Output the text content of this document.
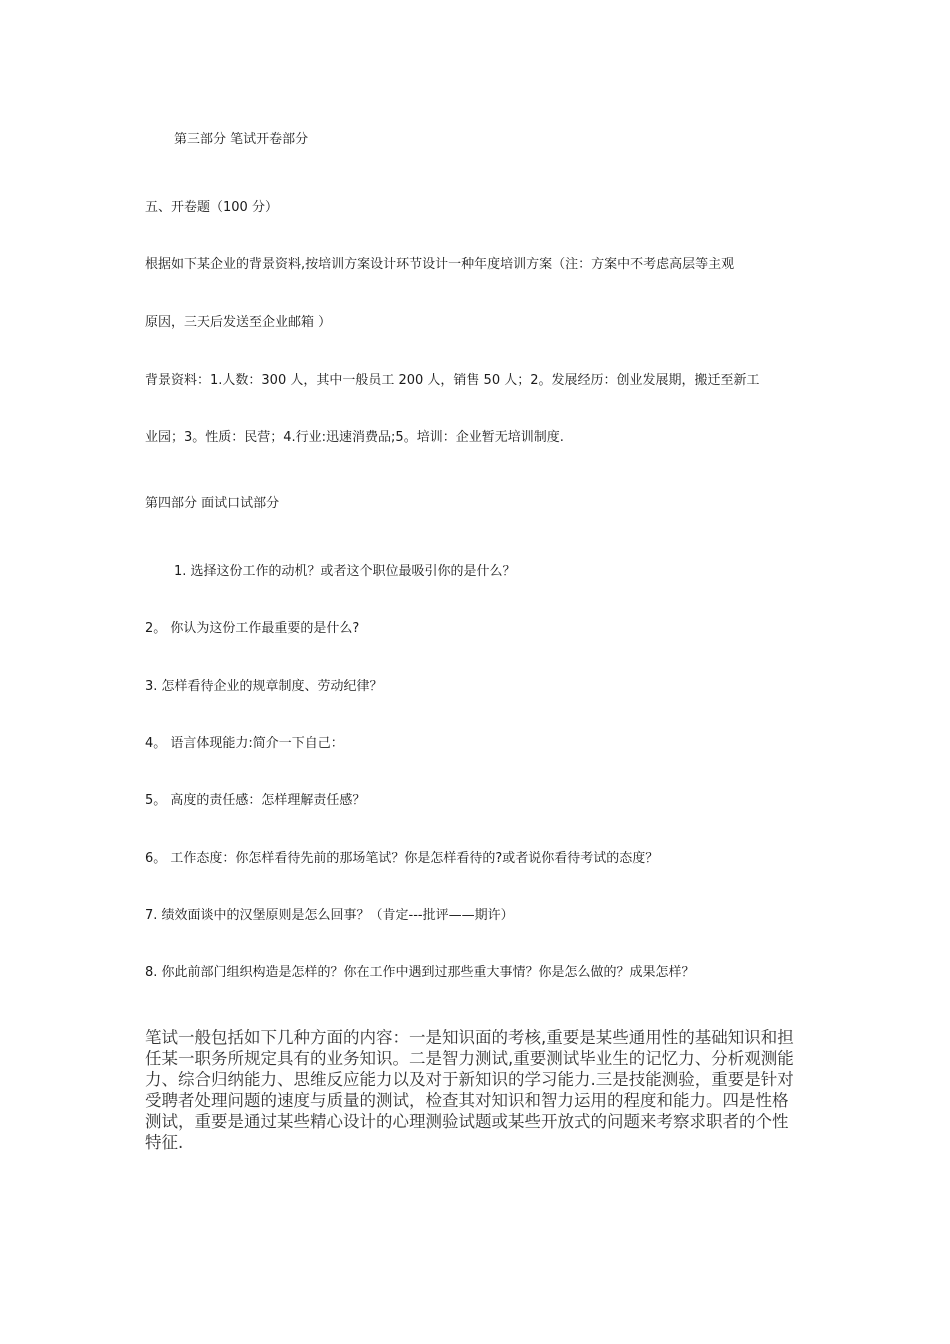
第三部分 笔试开卷部分
五、开卷题（100 分）
根据如下某企业的背景资料,按培训方案设计环节设计一种年度培训方案（注：方案中不考虑高层等主观
原因，三天后发送至企业邮箱 ）
背景资料：1.人数：300 人，其中一般员工 200 人，销售 50 人；2。发展经历：创业发展期，搬迁至新工
业园；3。性质：民营；4.行业:迅速消费品;5。培训：企业暂无培训制度.
第四部分 面试口试部分
1. 选择这份工作的动机？或者这个职位最吸引你的是什么？
2。 你认为这份工作最重要的是什么?
3. 怎样看待企业的规章制度、劳动纪律？
4。 语言体现能力:简介一下自己：
5。 高度的责任感：怎样理解责任感？
6。 工作态度：你怎样看待先前的那场笔试？你是怎样看待的?或者说你看待考试的态度？
7. 绩效面谈中的汉堡原则是怎么回事？（肯定---批评——期许）
8. 你此前部门组织构造是怎样的？你在工作中遇到过那些重大事情？你是怎么做的？成果怎样？
笔试一般包括如下几种方面的内容：一是知识面的考核,重要是某些通用性的基础知识和担
任某一职务所规定具有的业务知识。二是智力测试,重要测试毕业生的记忆力、分析观测能
力、综合归纳能力、思维反应能力以及对于新知识的学习能力.三是技能测验，重要是针对
受聘者处理问题的速度与质量的测试，检查其对知识和智力运用的程度和能力。四是性格
测试，重要是通过某些精心设计的心理测验试题或某些开放式的问题来考察求职者的个性
特征.
